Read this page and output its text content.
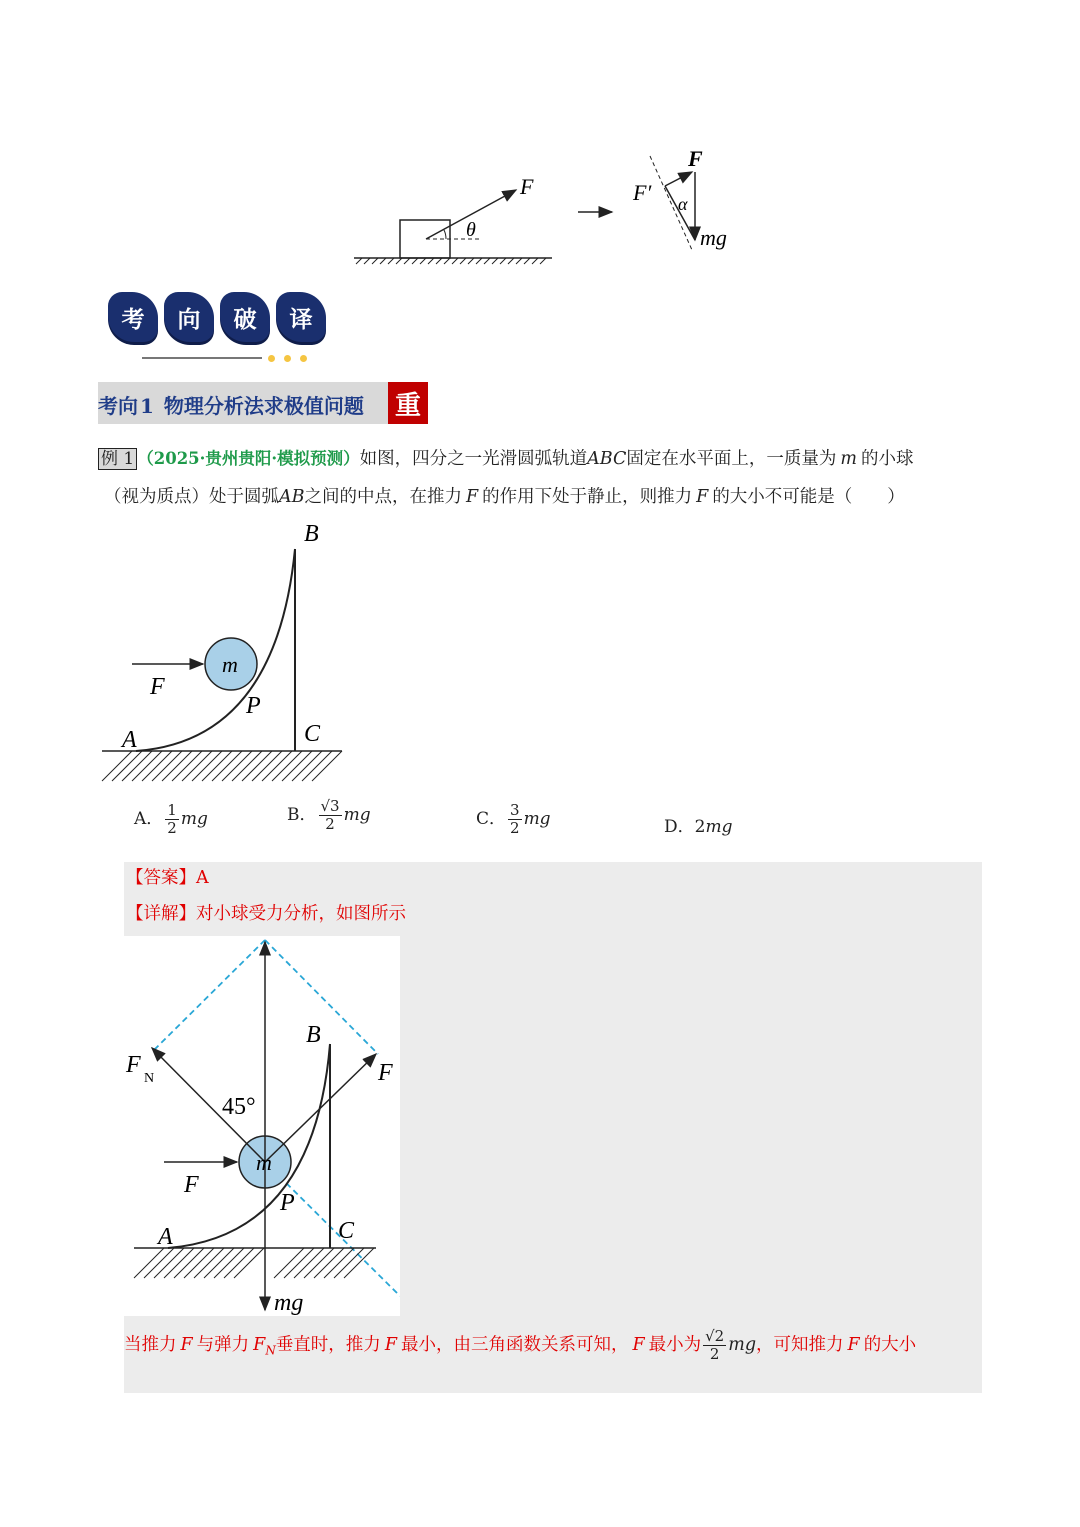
F
θ
F
F′ α
mg
考	向	破	译
考向 1 物理分析法求极值问题 重
例 1 （2025·贵州贵阳·模拟预测）如图，四分之一光滑圆弧轨道ABC固定在水平面上，一质量为 m 的小球
（视为质点）处于圆弧AB之间的中点，在推力 F 的作用下处于静止，则推力 F 的大小不可能是（　　）
B
m
F
P
A	C
A． $\frac{1}{2}$ mg	B． $\frac{√3}{2}$ mg	C． $\frac{3}{2}$ mg	D．2mg
【答案】A
【详解】对小球受力分析，如图所示
F
N
45°
B
F
F
m
P
A	C
mg
当推力 F 与弹力 $F_N$垂直时，推力 F 最小，由三角函数关系可知， F 最小为 $\frac{√2}{2}$ mg，可知推力 F 的大小
